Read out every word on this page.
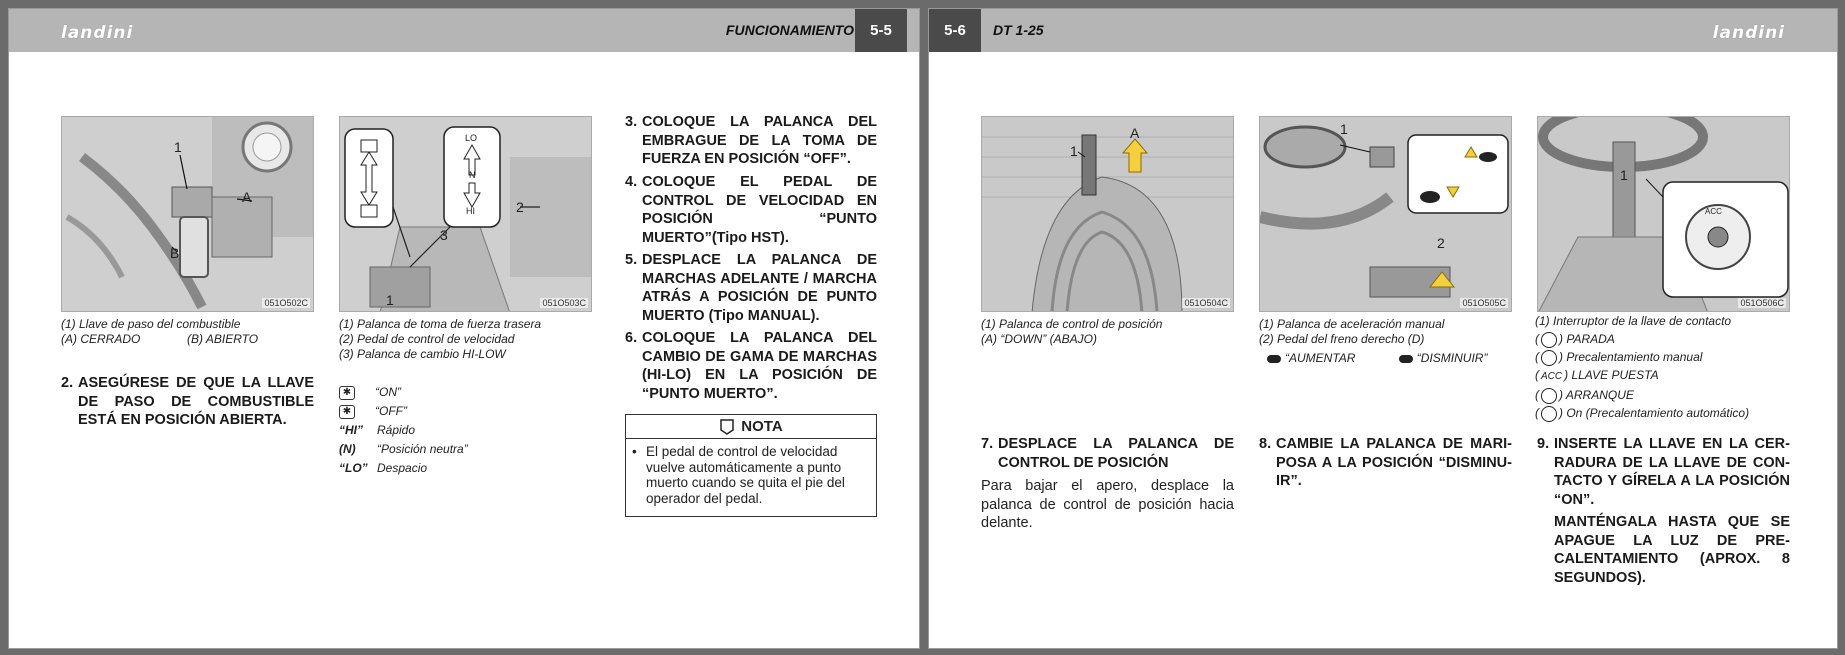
landini	FUNCIONAMIENTO	5-5
1
A
B
051O502C
LO
N
HI
1
2
3
051O503C
(1) Llave de paso del combustible
(A) CERRADO	(B) ABIERTO
(1) Palanca de toma de fuerza trasera
(2) Pedal de control de velocidad
(3) Palanca de cambio HI-LOW
✱ “ON”
✱ “OFF”
“HI” Rápido
(N) “Posición neutra”
“LO” Despacio
2. ASEGÚRESE DE QUE LA LLAVE DE PASO DE COMBUSTIBLE ESTÁ EN POSICIÓN ABIERTA.
3. COLOQUE LA PALANCA DEL EMBRAGUE DE LA TOMA DE FUERZA EN POSICIÓN “OFF”.
4. COLOQUE EL PEDAL DE CONTROL DE VELOCIDAD EN POSICIÓN “PUNTO MUERTO”(Tipo HST).
5. DESPLACE LA PALANCA DE MARCHAS ADELANTE / MARCHA ATRÁS A POSICIÓN DE PUNTO MUERTO (Tipo MANUAL).
6. COLOQUE LA PALANCA DEL CAMBIO DE GAMA DE MARCHAS (HI-LO) EN LA POSICIÓN DE “PUNTO MUERTO”.
NOTA
• El pedal de control de velocidad vuelve automáticamente a punto muerto cuando se quita el pie del operador del pedal.
5-6	DT 1-25	landini
1
A
051O504C
1
2
051O505C
ACC
1
051O506C
(1) Palanca de control de posición
(A) “DOWN” (ABAJO)
(1) Palanca de aceleración manual
(2) Pedal del freno derecho (D)
“AUMENTAR	“DISMINUIR”
(1) Interruptor de la llave de contacto
( ) PARADA
( ) Precalentamiento manual
( ACC ) LLAVE PUESTA
( ) ARRANQUE
( ) On (Precalentamiento automático)
7. DESPLACE LA PALANCA DE CONTROL DE POSICIÓN
Para bajar el apero, desplace la palanca de control de posición hacia delante.
8. CAMBIE LA PALANCA DE MARIPOSA A LA POSICIÓN “DISMINUIR”.
9. INSERTE LA LLAVE EN LA CERRADURA DE LA LLAVE DE CONTACTO Y GÍRELA A LA POSICIÓN “ON”.
MANTÉNGALA HASTA QUE SE APAGUE LA LUZ DE PRECALENTAMIENTO (APROX. 8 SEGUNDOS).
